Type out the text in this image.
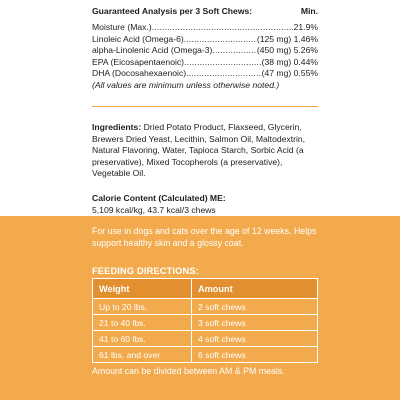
Guaranteed Analysis per 3 Soft Chews:	Min.
Moisture (Max.) .....	21.9%
Linoleic Acid (Omega-6) .....	(125 mg) 1.46%
alpha-Linolenic Acid (Omega-3) .....	(450 mg) 5.26%
EPA (Eicosapentaenoic) .....	(38 mg) 0.44%
DHA (Docosahexaenoic) .....	(47 mg) 0.55%
(All values are minimum unless otherwise noted.)
Ingredients: Dried Potato Product, Flaxseed, Glycerin, Brewers Dried Yeast, Lecithin, Salmon Oil, Maltodextrin, Natural Flavoring, Water, Tapioca Starch, Sorbic Acid (a preservative), Mixed Tocopherols (a preservative), Vegetable Oil.
Calorie Content (Calculated) ME:
5,109 kcal/kg, 43.7 kcal/3 chews
For use in dogs and cats over the age of 12 weeks. Helps support healthy skin and a glossy coat.
FEEDING DIRECTIONS:
Weight	Amount
Up to 20 lbs.	2 soft chews
21 to 40 lbs.	3 soft chews
41 to 60 lbs.	4 soft chews
61 lbs. and over	6 soft chews
Amount can be divided between AM & PM meals.
